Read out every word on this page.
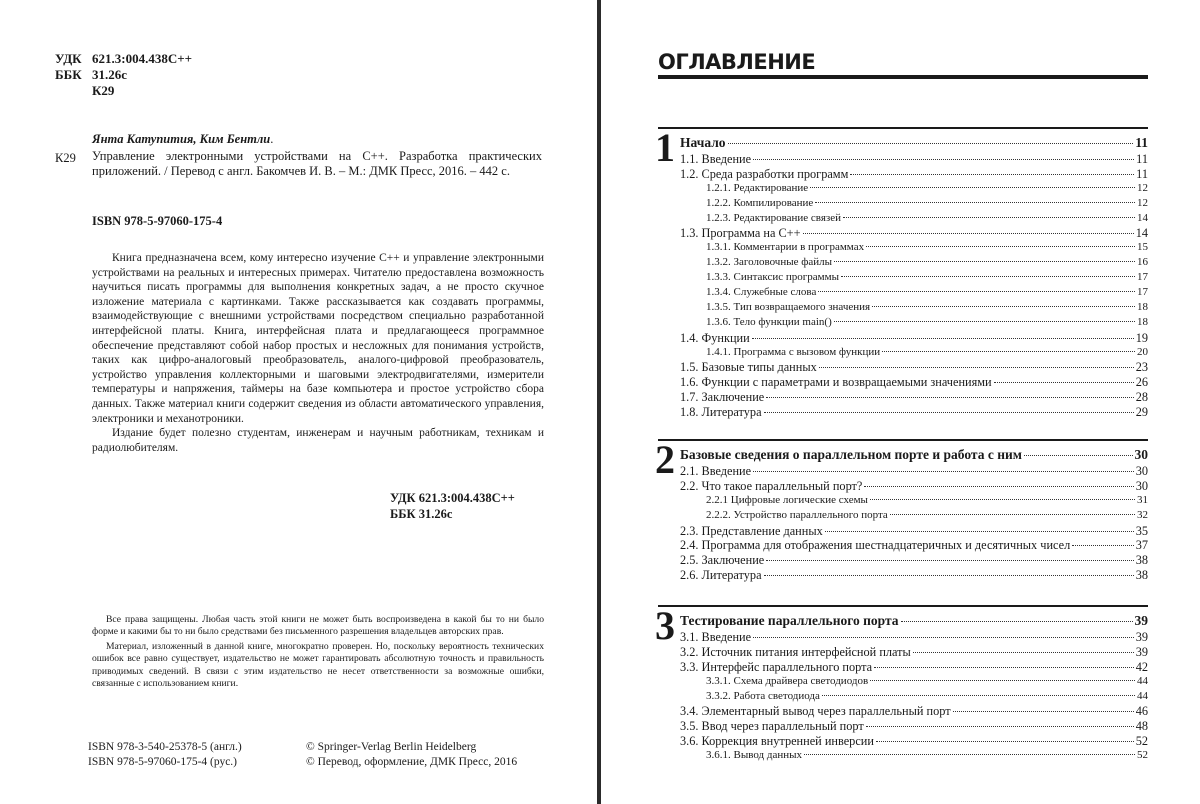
УДК 621.3:004.438C++
ББК 31.26с
К29
Янта Катупития, Ким Бентли.
К29 Управление электронными устройствами на C++. Разработка практических приложений. / Перевод с англ. Бакомчев И. В. – М.: ДМК Пресс, 2016. – 442 с.

ISBN 978-5-97060-175-4

Книга предназначена всем, кому интересно изучение C++ и управление электронными устройствами на реальных и интересных примерах. Читателю предоставлена возможность научиться писать программы для выполнения конкретных задач, а не просто скучное изложение материала с картинками. Также рассказывается как создавать программы, взаимодействующие с внешними устройствами посредством специально разработанной интерфейсной платы. Книга, интерфейсная плата и предлагающееся программное обеспечение представляют собой набор простых и несложных для понимания устройств, таких как цифро-аналоговый преобразователь, аналого-цифровой преобразователь, устройство управления коллекторными и шаговыми электродвигателями, измерители температуры и напряжения, таймеры на базе компьютера и простое устройство сбора данных. Также материал книги содержит сведения из области автоматического управления, электроники и механотроники.

Издание будет полезно студентам, инженерам и научным работникам, техникам и радиолюбителям.

УДК 621.3:004.438C++
ББК 31.26с

Все права защищены. Любая часть этой книги не может быть воспроизведена в какой бы то ни было форме и какими бы то ни было средствами без письменного разрешения владельцев авторских прав.

Материал, изложенный в данной книге, многократно проверен. Но, поскольку вероятность технических ошибок все равно существует, издательство не может гарантировать абсолютную точность и правильность приводимых сведений. В связи с этим издательство не несет ответственности за возможные ошибки, связанные с использованием книги.

ISBN 978-3-540-25378-5 (англ.)
ISBN 978-5-97060-175-4 (рус.)
© Springer-Verlag Berlin Heidelberg
© Перевод, оформление, ДМК Пресс, 2016
ОГЛАВЛЕНИЕ
1 Начало	11
1.1. Введение	11
1.2. Среда разработки программ	11
1.2.1. Редактирование	12
1.2.2. Компилирование	12
1.2.3. Редактирование связей	14
1.3. Программа на C++	14
1.3.1. Комментарии в программах	15
1.3.2. Заголовочные файлы	16
1.3.3. Синтаксис программы	17
1.3.4. Служебные слова	17
1.3.5. Тип возвращаемого значения	18
1.3.6. Тело функции main()	18
1.4. Функции	19
1.4.1. Программа с вызовом функции	20
1.5. Базовые типы данных	23
1.6. Функции с параметрами и возвращаемыми значениями	26
1.7. Заключение	28
1.8. Литература	29
2 Базовые сведения о параллельном порте и работа с ним	30
2.1. Введение	30
2.2. Что такое параллельный порт?	30
2.2.1 Цифровые логические схемы	31
2.2.2. Устройство параллельного порта	32
2.3. Представление данных	35
2.4. Программа для отображения шестнадцатеричных и десятичных чисел	37
2.5. Заключение	38
2.6. Литература	38
3 Тестирование параллельного порта	39
3.1. Введение	39
3.2. Источник питания интерфейсной платы	39
3.3. Интерфейс параллельного порта	42
3.3.1. Схема драйвера светодиодов	44
3.3.2. Работа светодиода	44
3.4. Элементарный вывод через параллельный порт	46
3.5. Ввод через параллельный порт	48
3.6. Коррекция внутренней инверсии	52
3.6.1. Вывод данных	52
